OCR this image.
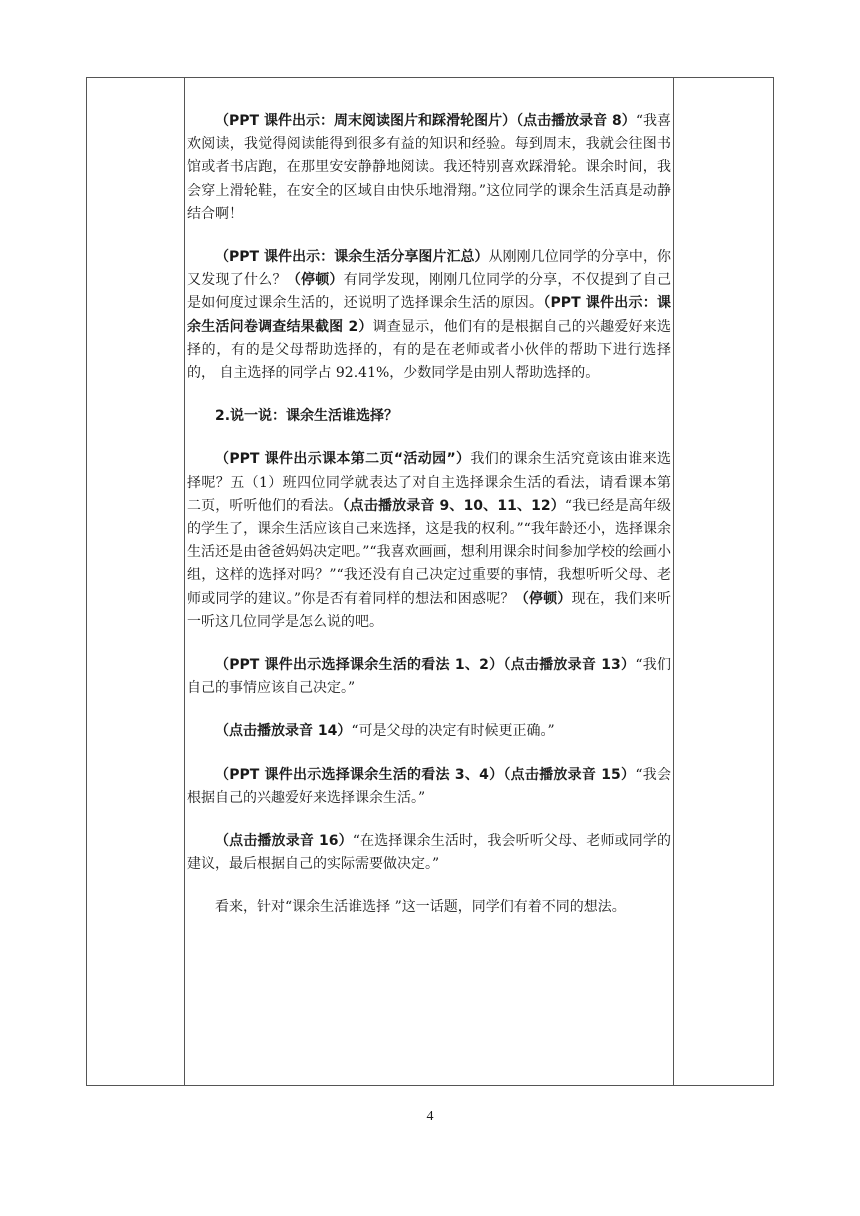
（PPT 课件出示：周末阅读图片和踩滑轮图片）（点击播放录音 8）“我喜欢阅读，我觉得阅读能得到很多有益的知识和经验。每到周末，我就会往图书馆或者书店跑，在那里安安静静地阅读。我还特别喜欢踩滑轮。课余时间，我会穿上滑轮鞋，在安全的区域自由快乐地滑翔。”这位同学的课余生活真是动静结合啊！

（PPT 课件出示：课余生活分享图片汇总）从刚刚几位同学的分享中，你又发现了什么？（停顿）有同学发现，刚刚几位同学的分享，不仅提到了自己是如何度过课余生活的，还说明了选择课余生活的原因。（PPT 课件出示：课余生活问卷调查结果截图 2）调查显示，他们有的是根据自己的兴趣爱好来选择的，有的是父母帮助选择的，有的是在老师或者小伙伴的帮助下进行选择的， 自主选择的同学占 92.41%，少数同学是由别人帮助选择的。

2.说一说：课余生活谁选择？

（PPT 课件出示课本第二页“活动园”）我们的课余生活究竟该由谁来选择呢？五（1）班四位同学就表达了对自主选择课余生活的看法，请看课本第二页，听听他们的看法。（点击播放录音 9、10、11、12）“我已经是高年级的学生了，课余生活应该自己来选择，这是我的权利。”“我年龄还小，选择课余生活还是由爸爸妈妈决定吧。”“我喜欢画画，想利用课余时间参加学校的绘画小组，这样的选择对吗？”“我还没有自己决定过重要的事情，我想听听父母、老师或同学的建议。”你是否有着同样的想法和困惑呢？（停顿）现在，我们来听一听这几位同学是怎么说的吧。

（PPT 课件出示选择课余生活的看法 1、2）（点击播放录音 13）“我们自己的事情应该自己决定。”

（点击播放录音 14）“可是父母的决定有时候更正确。”

（PPT 课件出示选择课余生活的看法 3、4）（点击播放录音 15）“我会根据自己的兴趣爱好来选择课余生活。”

（点击播放录音 16）“在选择课余生活时，我会听听父母、老师或同学的建议，最后根据自己的实际需要做决定。”

看来，针对“课余生活谁选择 ”这一话题，同学们有着不同的想法。

4
